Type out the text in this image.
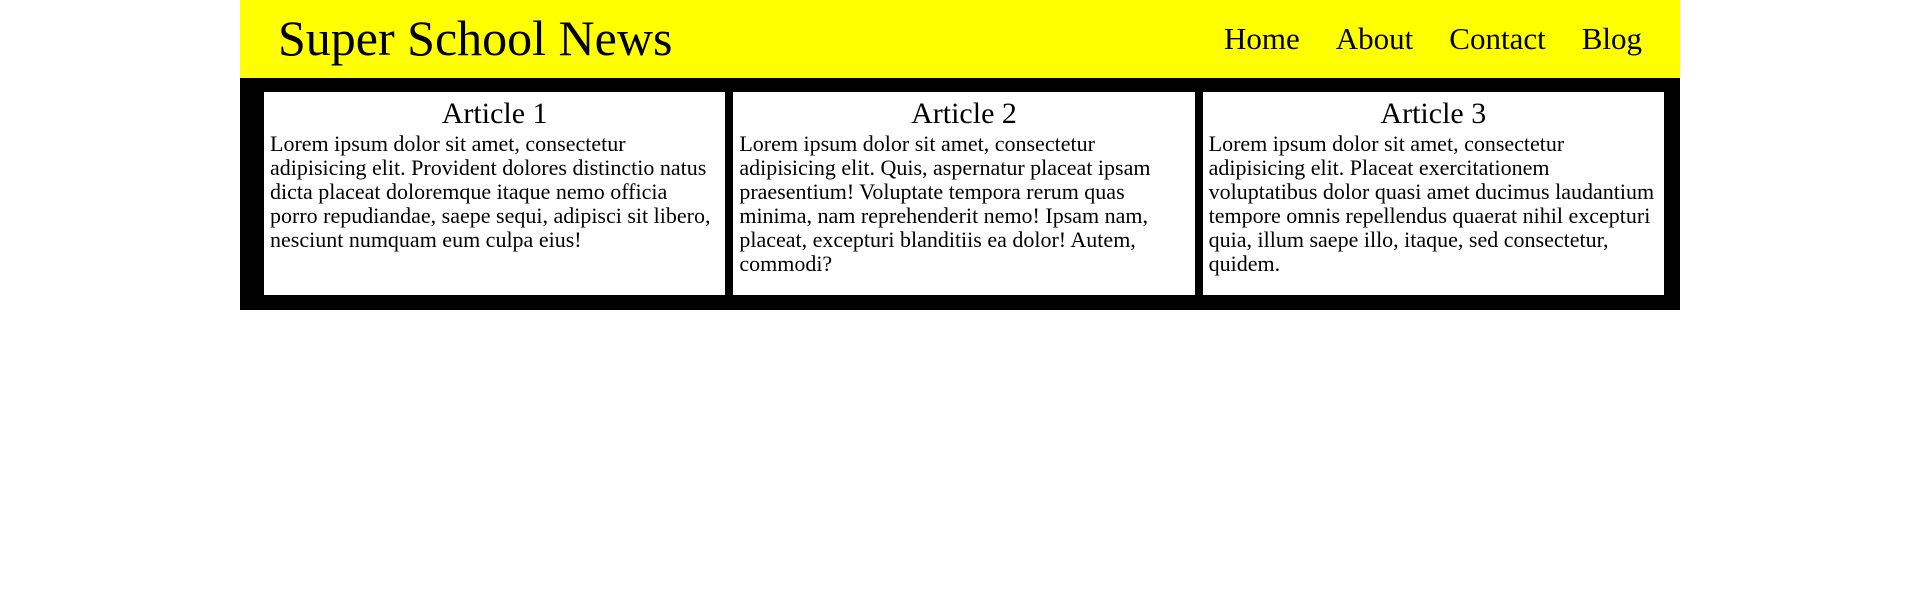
Super School News	Home About Contact Blog
Article 1

Lorem ipsum dolor sit amet, consectetur adipisicing elit. Provident dolores distinctio natus dicta placeat doloremque itaque nemo officia porro repudiandae, saepe sequi, adipisci sit libero, nesciunt numquam eum culpa eius!

Article 2

Lorem ipsum dolor sit amet, consectetur adipisicing elit. Quis, aspernatur placeat ipsam praesentium! Voluptate tempora rerum quas minima, nam reprehenderit nemo! Ipsam nam, placeat, excepturi blanditiis ea dolor! Autem, commodi?

Article 3

Lorem ipsum dolor sit amet, consectetur adipisicing elit. Placeat exercitationem voluptatibus dolor quasi amet ducimus laudantium tempore omnis repellendus quaerat nihil excepturi quia, illum saepe illo, itaque, sed consectetur, quidem.
